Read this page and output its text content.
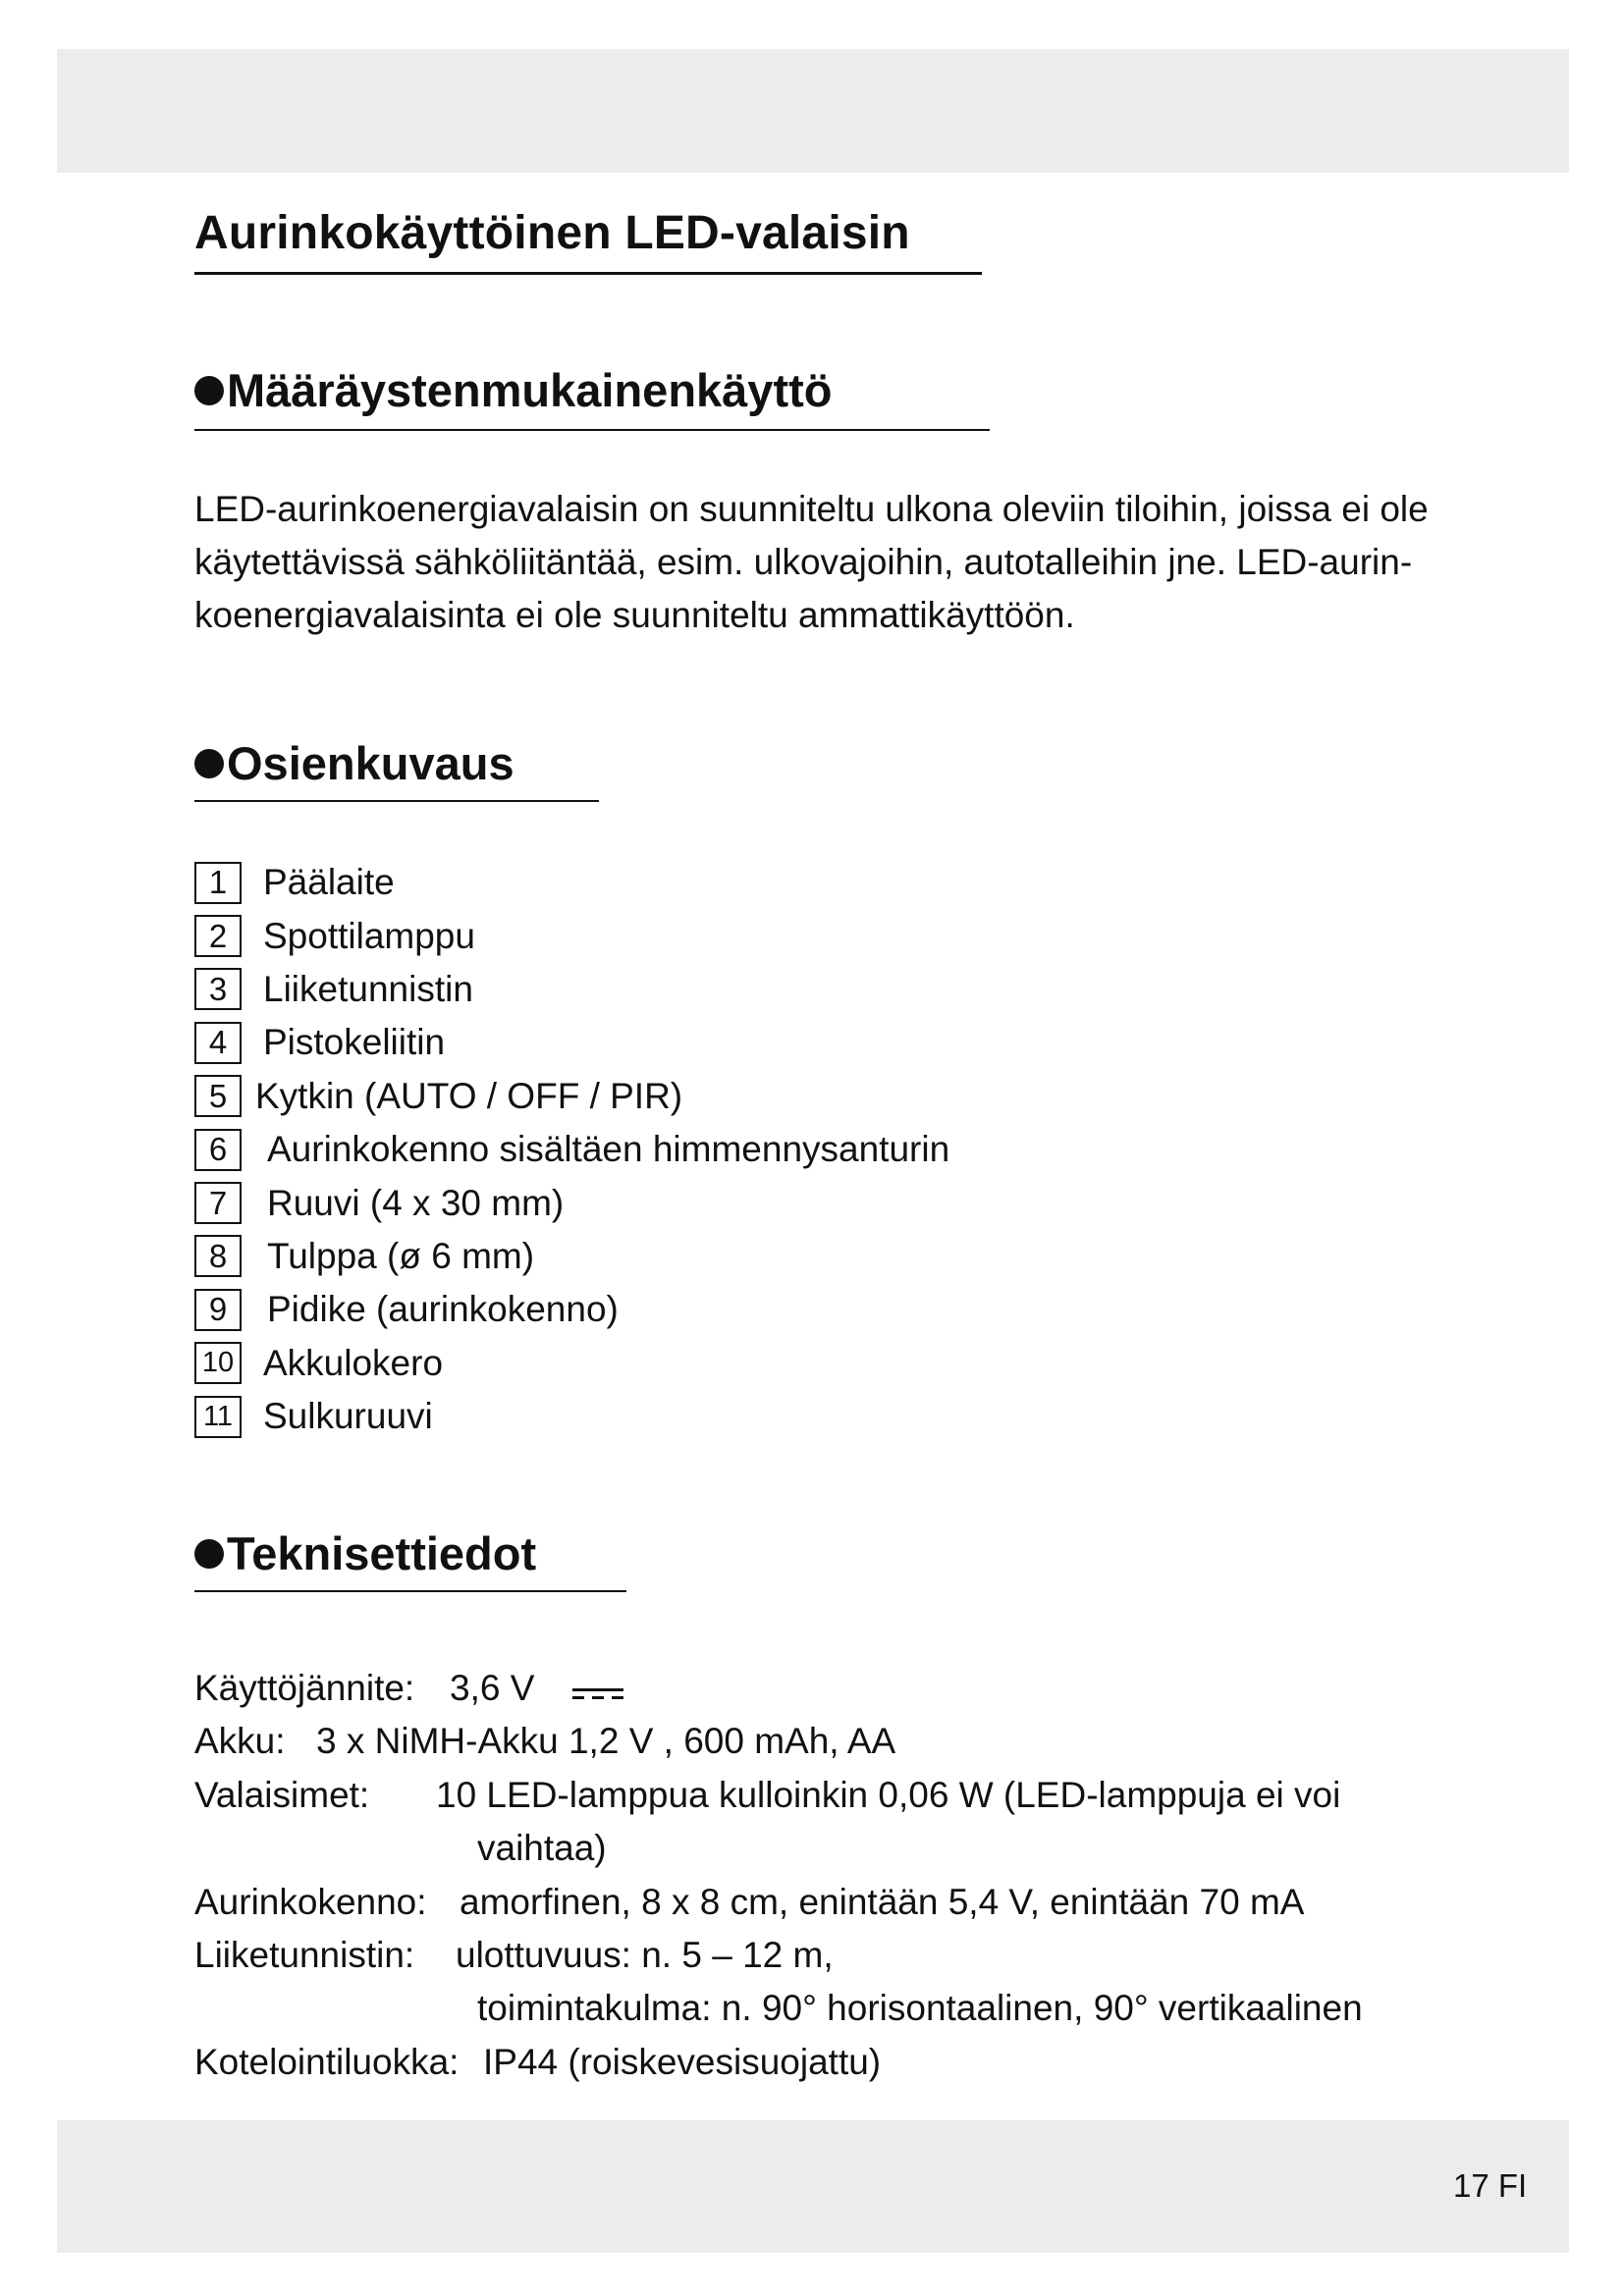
Aurinkokäyttöinen LED-valaisin
Määräystenmukainenkäyttö
LED-aurinkoenergiavalaisin on suunniteltu ulkona oleviin tiloihin, joissa ei ole
käytettävissä sähköliitäntää, esim. ulkovajoihin, autotalleihin jne. LED-aurin-
koenergiavalaisinta ei ole suunniteltu ammattikäyttöön.
Osienkuvaus
1 Päälaite
2 Spottilamppu
3 Liiketunnistin
4 Pistokeliitin
5 Kytkin (AUTO / OFF / PIR)
6	Aurinkokenno sisältäen himmennysanturin
7	Ruuvi (4 x 30 mm)
8	Tulppa (ø 6 mm)
9	Pidike (aurinkokenno)
10 Akkulokero
11 Sulkuruuvi
Teknisettiedot
Käyttöjännite: 3,6 V
Akku: 3 x NiMH-Akku 1,2 V , 600 mAh, AA
Valaisimet: 10 LED-lamppua kulloinkin 0,06 W (LED-lamppuja ei voi
vaihtaa)
Aurinkokenno: amorfinen, 8 x 8 cm, enintään 5,4 V, enintään 70 mA
Liiketunnistin: ulottuvuus: n. 5 – 12 m,
toimintakulma: n. 90° horisontaalinen, 90° vertikaalinen
Kotelointiluokka: IP44 (roiskevesisuojattu)
17 FI
